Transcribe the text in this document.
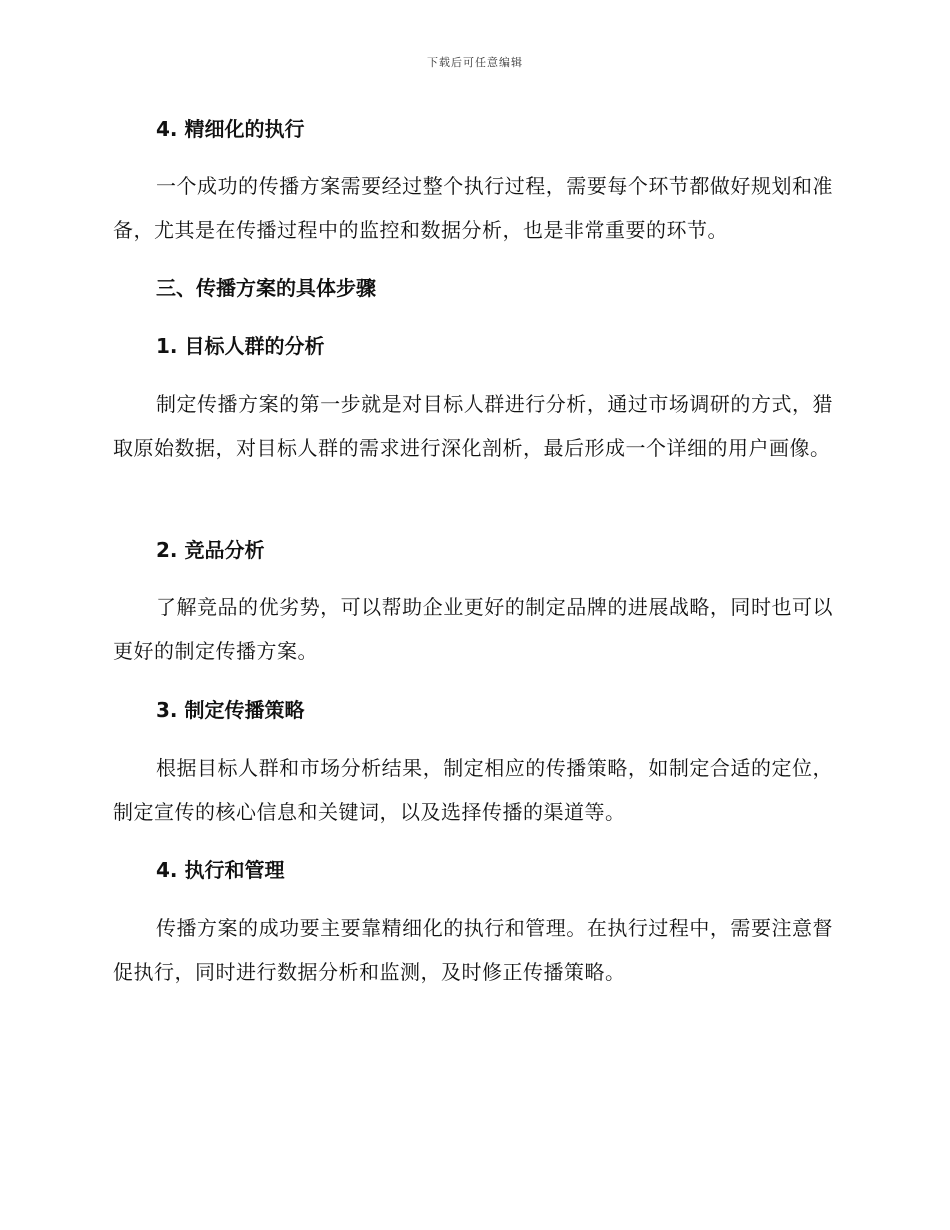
下载后可任意编辑
4. 精细化的执行
一个成功的传播方案需要经过整个执行过程，需要每个环节都做好规划和准备，尤其是在传播过程中的监控和数据分析，也是非常重要的环节。
三、传播方案的具体步骤
1. 目标人群的分析
制定传播方案的第一步就是对目标人群进行分析，通过市场调研的方式，猎取原始数据，对目标人群的需求进行深化剖析，最后形成一个详细的用户画像。
2. 竞品分析
了解竞品的优劣势，可以帮助企业更好的制定品牌的进展战略，同时也可以更好的制定传播方案。
3. 制定传播策略
根据目标人群和市场分析结果，制定相应的传播策略，如制定合适的定位，制定宣传的核心信息和关键词，以及选择传播的渠道等。
4. 执行和管理
传播方案的成功要主要靠精细化的执行和管理。在执行过程中，需要注意督促执行，同时进行数据分析和监测，及时修正传播策略。
